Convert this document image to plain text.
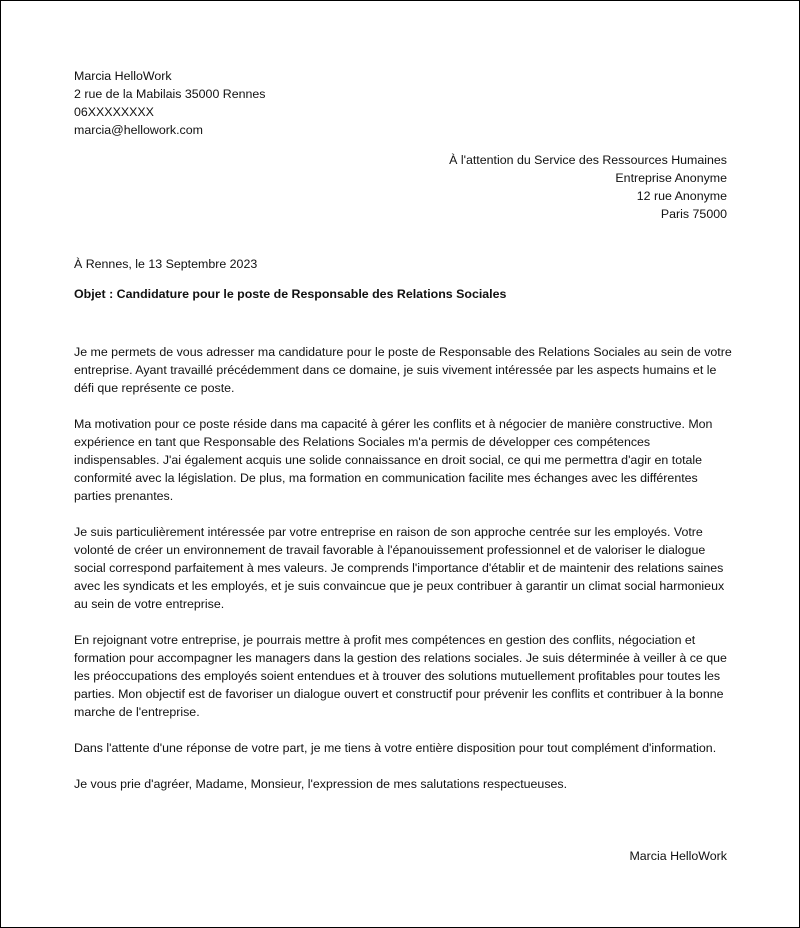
Marcia HelloWork
2 rue de la Mabilais 35000 Rennes
06XXXXXXXX
marcia@hellowork.com
À l'attention du Service des Ressources Humaines
Entreprise Anonyme
12 rue Anonyme
Paris 75000
À Rennes, le 13 Septembre 2023
Objet : Candidature pour le poste de Responsable des Relations Sociales

Je me permets de vous adresser ma candidature pour le poste de Responsable des Relations Sociales au sein de votre entreprise. Ayant travaillé précédemment dans ce domaine, je suis vivement intéressée par les aspects humains et le défi que représente ce poste.

Ma motivation pour ce poste réside dans ma capacité à gérer les conflits et à négocier de manière constructive. Mon expérience en tant que Responsable des Relations Sociales m'a permis de développer ces compétences indispensables. J'ai également acquis une solide connaissance en droit social, ce qui me permettra d'agir en totale conformité avec la législation. De plus, ma formation en communication facilite mes échanges avec les différentes parties prenantes.

Je suis particulièrement intéressée par votre entreprise en raison de son approche centrée sur les employés. Votre volonté de créer un environnement de travail favorable à l'épanouissement professionnel et de valoriser le dialogue social correspond parfaitement à mes valeurs. Je comprends l'importance d'établir et de maintenir des relations saines avec les syndicats et les employés, et je suis convaincue que je peux contribuer à garantir un climat social harmonieux au sein de votre entreprise.

En rejoignant votre entreprise, je pourrais mettre à profit mes compétences en gestion des conflits, négociation et formation pour accompagner les managers dans la gestion des relations sociales. Je suis déterminée à veiller à ce que les préoccupations des employés soient entendues et à trouver des solutions mutuellement profitables pour toutes les parties. Mon objectif est de favoriser un dialogue ouvert et constructif pour prévenir les conflits et contribuer à la bonne marche de l'entreprise.

Dans l'attente d'une réponse de votre part, je me tiens à votre entière disposition pour tout complément d'information.

Je vous prie d'agréer, Madame, Monsieur, l'expression de mes salutations respectueuses.

Marcia HelloWork
